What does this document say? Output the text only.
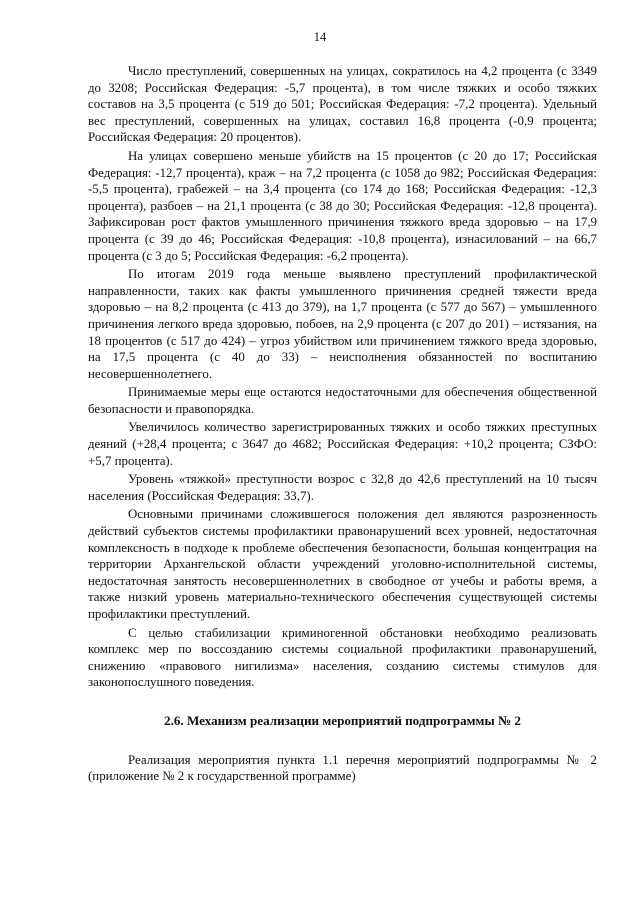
14

Число преступлений, совершенных на улицах, сократилось на 4,2 процента (с 3349 до 3208; Российская Федерация: -5,7 процента), в том числе тяжких и особо тяжких составов на 3,5 процента (с 519 до 501; Российская Федерация: -7,2 процента). Удельный вес преступлений, совершенных на улицах, составил 16,8 процента (-0,9 процента; Российская Федерация: 20 процентов).

На улицах совершено меньше убийств на 15 процентов (с 20 до 17; Российская Федерация: -12,7 процента), краж – на 7,2 процента (с 1058 до 982; Российская Федерация: -5,5 процента), грабежей – на 3,4 процента (со 174 до 168; Российская Федерация: -12,3 процента), разбоев – на 21,1 процента (с 38 до 30; Российская Федерация: -12,8 процента). Зафиксирован рост фактов умышленного причинения тяжкого вреда здоровью – на 17,9 процента (с 39 до 46; Российская Федерация: -10,8 процента), изнасилований – на 66,7 процента (с 3 до 5; Российская Федерация: -6,2 процента).

По итогам 2019 года меньше выявлено преступлений профилактической направленности, таких как факты умышленного причинения средней тяжести вреда здоровью – на 8,2 процента (с 413 до 379), на 1,7 процента (с 577 до 567) – умышленного причинения легкого вреда здоровью, побоев, на 2,9 процента (с 207 до 201) – истязания, на 18 процентов (с 517 до 424) – угроз убийством или причинением тяжкого вреда здоровью, на 17,5 процента (с 40 до 33) – неисполнения обязанностей по воспитанию несовершеннолетнего.

Принимаемые меры еще остаются недостаточными для обеспечения общественной безопасности и правопорядка.

Увеличилось количество зарегистрированных тяжких и особо тяжких преступных деяний (+28,4 процента; с 3647 до 4682; Российская Федерация: +10,2 процента; СЗФО: +5,7 процента).

Уровень «тяжкой» преступности возрос с 32,8 до 42,6 преступлений на 10 тысяч населения (Российская Федерация: 33,7).

Основными причинами сложившегося положения дел являются разрозненность действий субъектов системы профилактики правонарушений всех уровней, недостаточная комплексность в подходе к проблеме обеспечения безопасности, большая концентрация на территории Архангельской области учреждений уголовно-исполнительной системы, недостаточная занятость несовершеннолетних в свободное от учебы и работы время, а также низкий уровень материально-технического обеспечения существующей системы профилактики преступлений.

С целью стабилизации криминогенной обстановки необходимо реализовать комплекс мер по воссозданию системы социальной профилактики правонарушений, снижению «правового нигилизма» населения, созданию системы стимулов для законопослушного поведения.

2.6. Механизм реализации мероприятий подпрограммы № 2

Реализация мероприятия пункта 1.1 перечня мероприятий подпрограммы № 2 (приложение № 2 к государственной программе)
